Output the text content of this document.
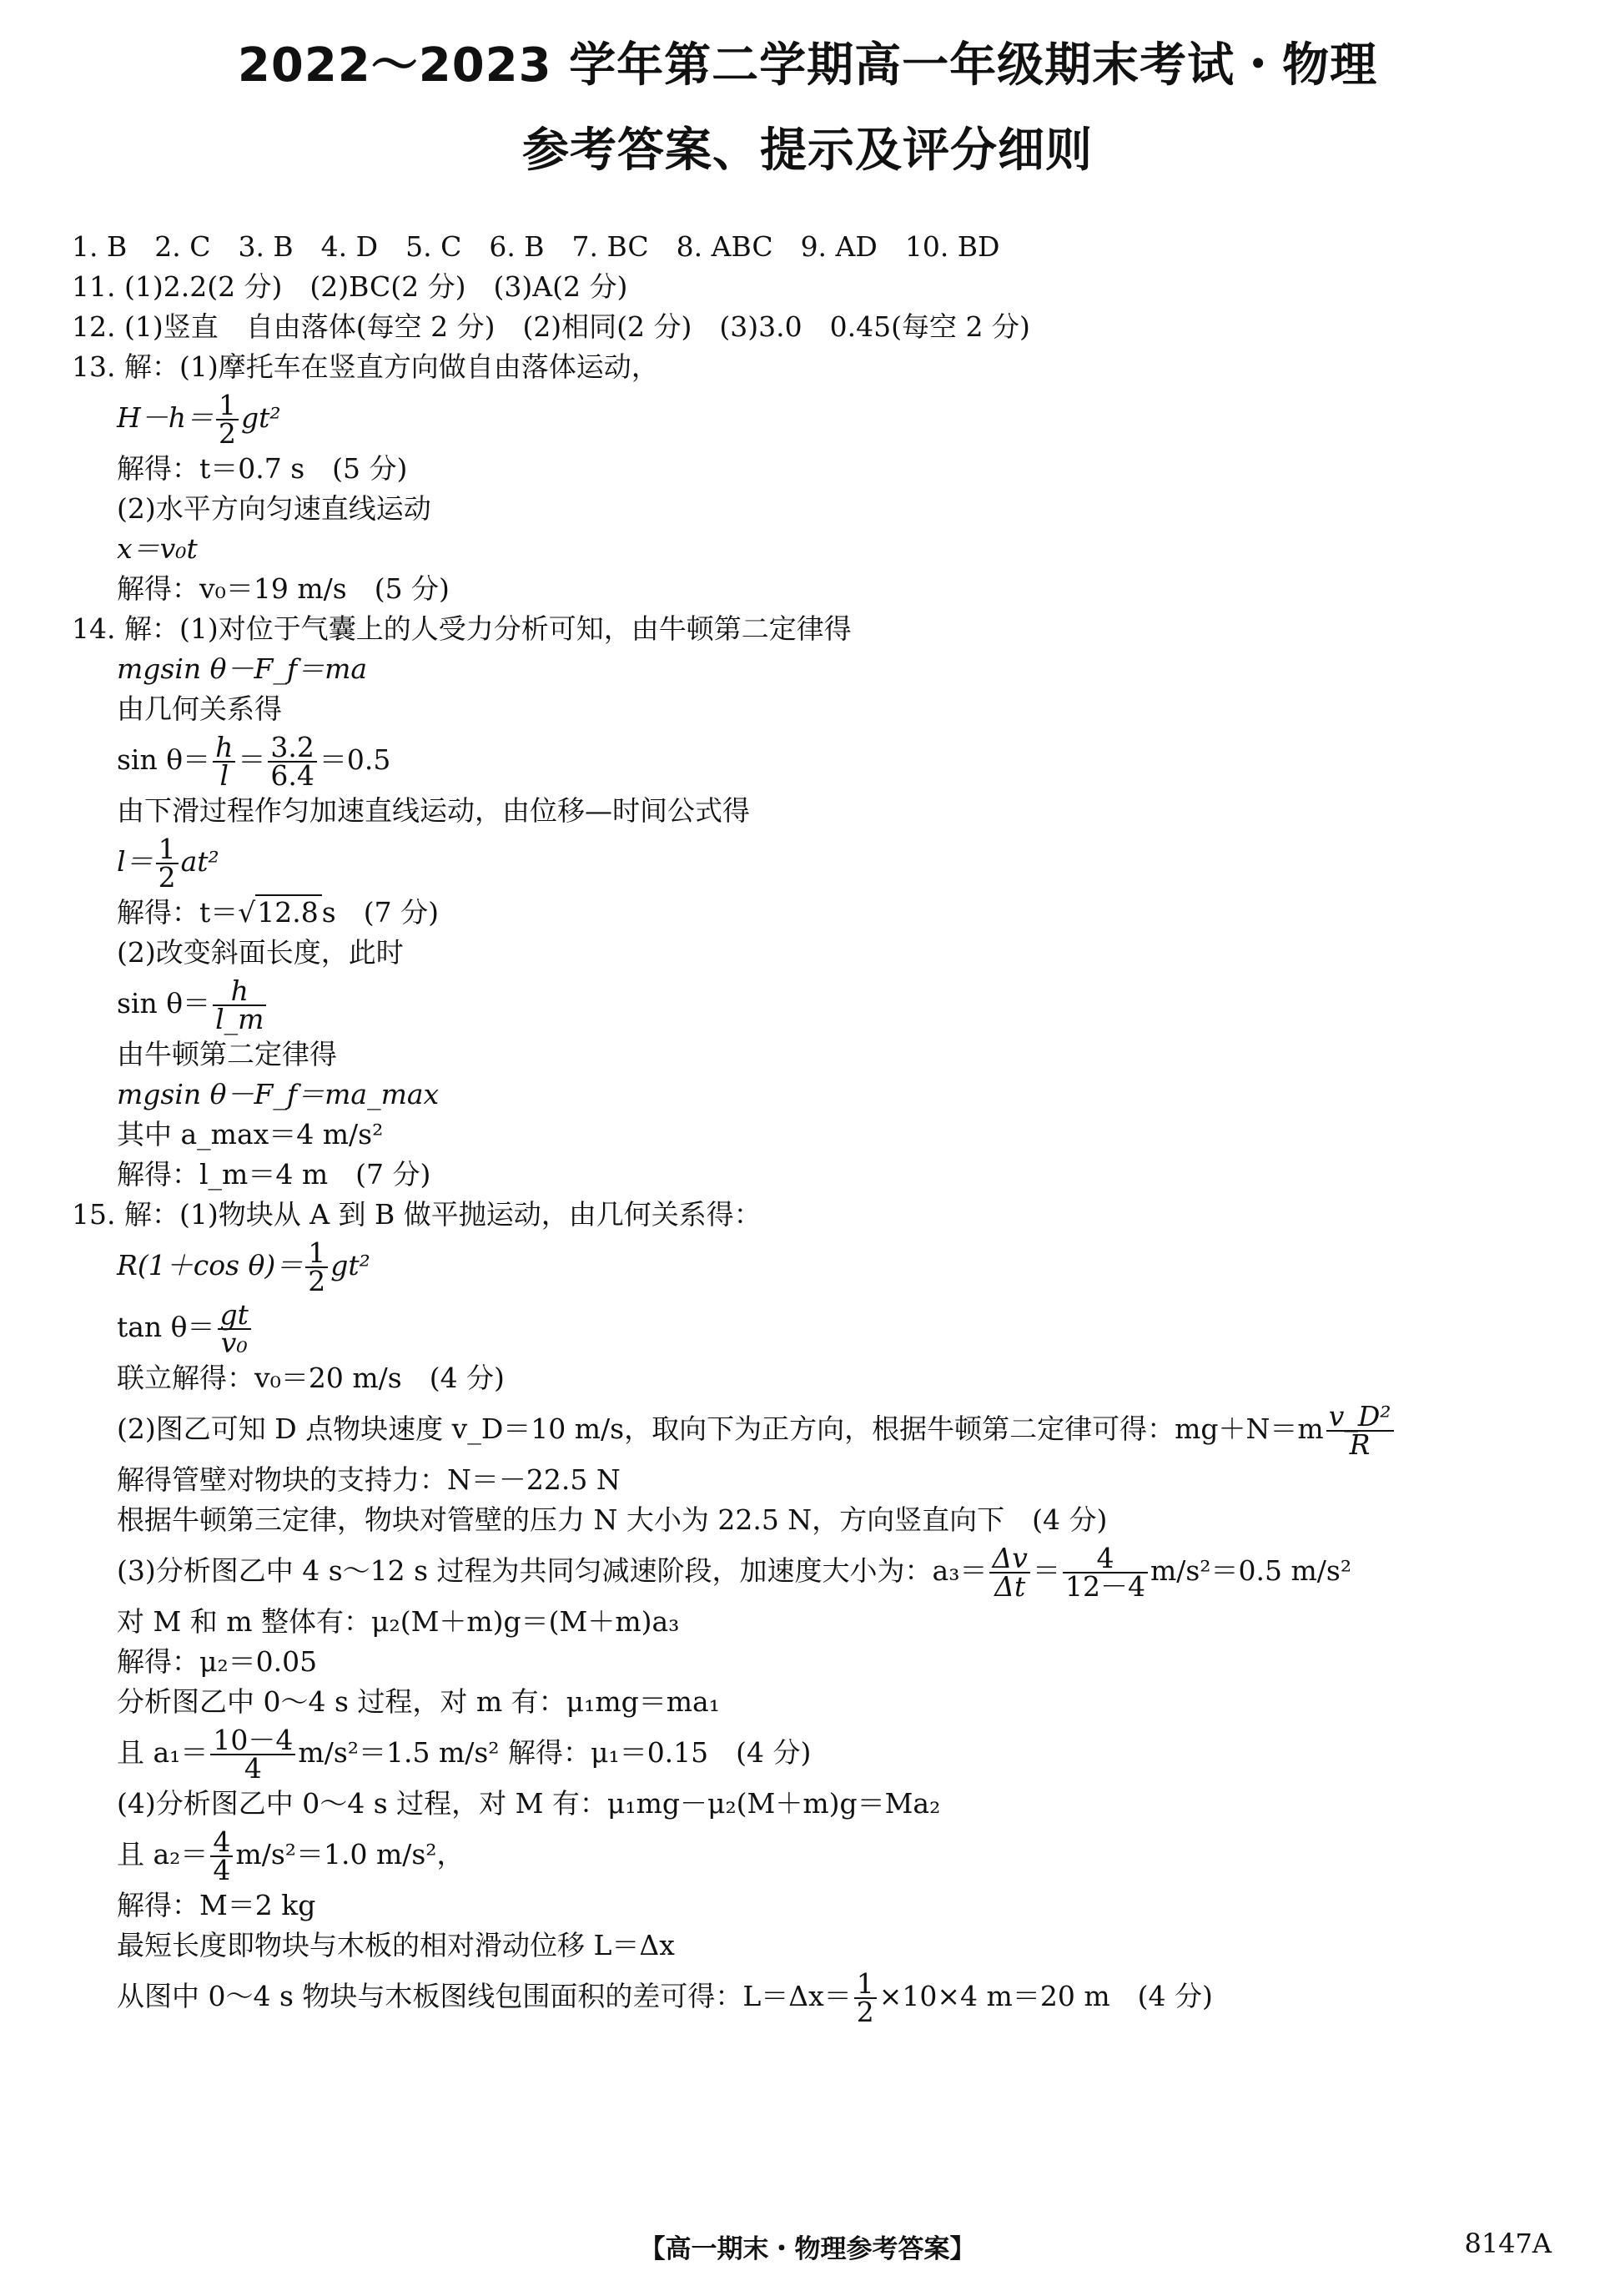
2022～2023 学年第二学期高一年级期末考试・物理
参考答案、提示及评分细则
1. B　2. C　3. B　4. D　5. C　6. B　7. BC　8. ABC　9. AD　10. BD
11. (1)2.2(2 分)　(2)BC(2 分)　(3)A(2 分)
12. (1)竖直　自由落体(每空 2 分)　(2)相同(2 分)　(3)3.0　0.45(每空 2 分)
13. 解：(1)摩托车在竖直方向做自由落体运动，
$H-h= \frac{1}{2} gt^2$
解得：t＝0.7 s　(5 分)
(2)水平方向匀速直线运动
x＝v₀t
解得：v₀＝19 m/s　(5 分)
14. 解：(1)对位于气囊上的人受力分析可知，由牛顿第二定律得
mgsin θ－F_f＝ma
由几何关系得
$\sin \theta= \frac{h}{l} = \frac{3.2}{6.4} =0.5$
由下滑过程作匀加速直线运动，由位移—时间公式得
$l= \frac{1}{2} at^2$
解得：t＝√12.8 s　(7 分)
(2)改变斜面长度，此时
$\sin \theta= \frac{h}{l\_m}$
由牛顿第二定律得
mgsin θ－F_f＝ma_max
其中 a_max＝4 m/s²
解得：l_m＝4 m　(7 分)
15. 解：(1)物块从 A 到 B 做平抛运动，由几何关系得：
R(1＋cos $\theta)= \frac{1}{2} gt^2$
$\tan \theta= \frac{gt}{\text{v₀}}$
联立解得：v₀＝20 m/s　(4 分)
(2)图乙可知 D 点物块速度 v_D＝10 m/s，取向下为正方向，根据牛顿第二定律可得：$mg+N=m \frac{\text{v\_D²}}{R}$
解得管壁对物块的支持力：N＝－22.5 N
根据牛顿第三定律，物块对管壁的压力 N 大小为 22.5 N，方向竖直向下　(4 分)
(3)分析图乙中 4 s～12 s 过程为共同匀减速阶段，加速度大小为：$a_3= \frac{\Delta v}{\Delta t} = \frac{4}{12-4} m/s^2=0.5$ m/s²
对 M 和 m 整体有：μ₂(M＋m)g＝(M＋m)a₃
解得：μ₂＝0.05
分析图乙中 0～4 s 过程，对 m 有：μ₁mg＝ma₁
且 $a_1= \frac{10-4}{4} m/s^2=1.5$ m/s² 解得：μ₁＝0.15　(4 分)
(4)分析图乙中 0～4 s 过程，对 M 有：μ₁mg－μ₂(M＋m)g＝Ma₂
且 $a_2= \frac{4}{4} m/s^2=1.0$ m/s²，
解得：M＝2 kg
最短长度即物块与木板的相对滑动位移 L＝Δx
从图中 0～4 s 物块与木板图线包围面积的差可得：$L=\Delta x= \frac{1}{2} \times 10\times 4$ m＝20 m　(4 分)
【高一期末・物理参考答案】	8147A
